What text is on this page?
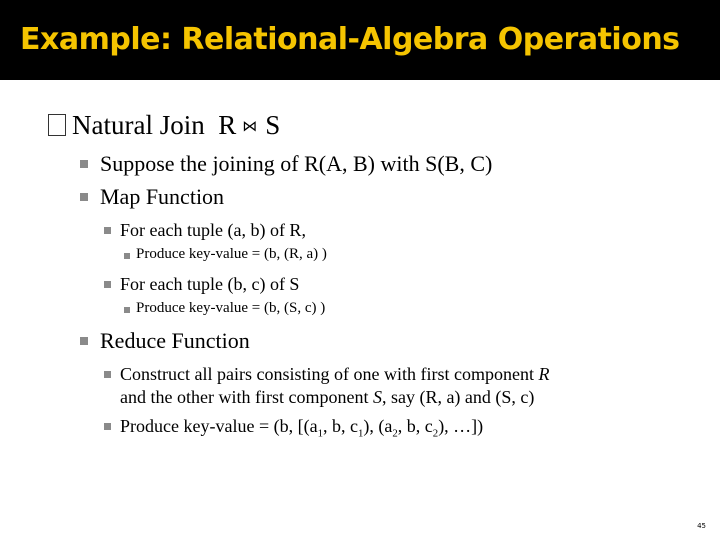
Example: Relational-Algebra Operations
Natural Join R ⋈ S
Suppose the joining of R(A, B) with S(B, C)
Map Function
For each tuple (a, b) of R,
Produce key-value = (b, (R, a) )
For each tuple (b, c) of S
Produce key-value = (b, (S, c) )
Reduce Function
Construct all pairs consisting of one with first component R
and the other with first component S, say (R, a) and (S, c)
Produce key-value = (b, [($a_1$, b, $c_1$), ($a_2$, b, $c_2$), …])
45
